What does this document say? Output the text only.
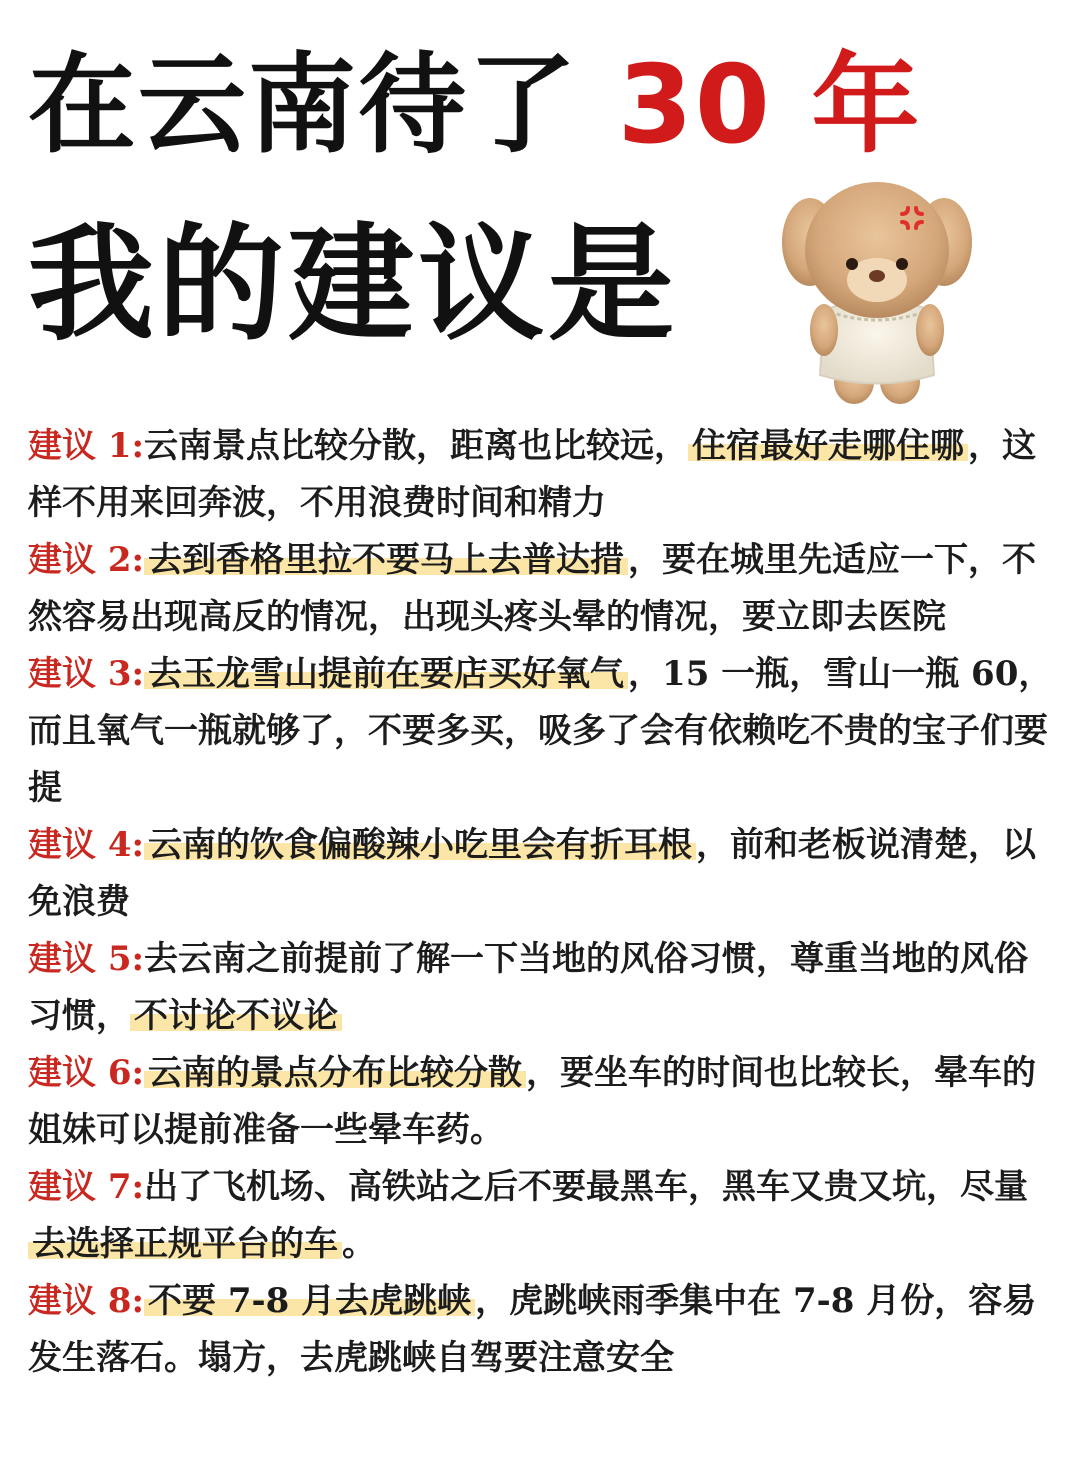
在云南待了 30 年
我的建议是

建议 1:云南景点比较分散，距离也比较远， 住宿最好走哪住哪 ，这样不用来回奔波，不用浪费时间和精力

建议 2: 去到香格里拉不要马上去普达措 ，要在城里先适应一下，不然容易出现高反的情况，出现头疼头晕的情况，要立即去医院

建议 3: 去玉龙雪山提前在要店买好氧气 ，15 一瓶，雪山一瓶 60，而且氧气一瓶就够了，不要多买，吸多了会有依赖吃不贵的宝子们要提

建议 4: 云南的饮食偏酸辣小吃里会有折耳根 ，前和老板说清楚，以免浪费

建议 5:去云南之前提前了解一下当地的风俗习惯，尊重当地的风俗习惯， 不讨论不议论

建议 6: 云南的景点分布比较分散 ，要坐车的时间也比较长，晕车的姐妹可以提前准备一些晕车药。

建议 7:出了飞机场、高铁站之后不要最黑车，黑车又贵又坑，尽量去选择正规平台的车 。

建议 8: 不要 7-8 月去虎跳峡 ，虎跳峡雨季集中在 7-8 月份，容易发生落石。塌方，去虎跳峡自驾要注意安全
